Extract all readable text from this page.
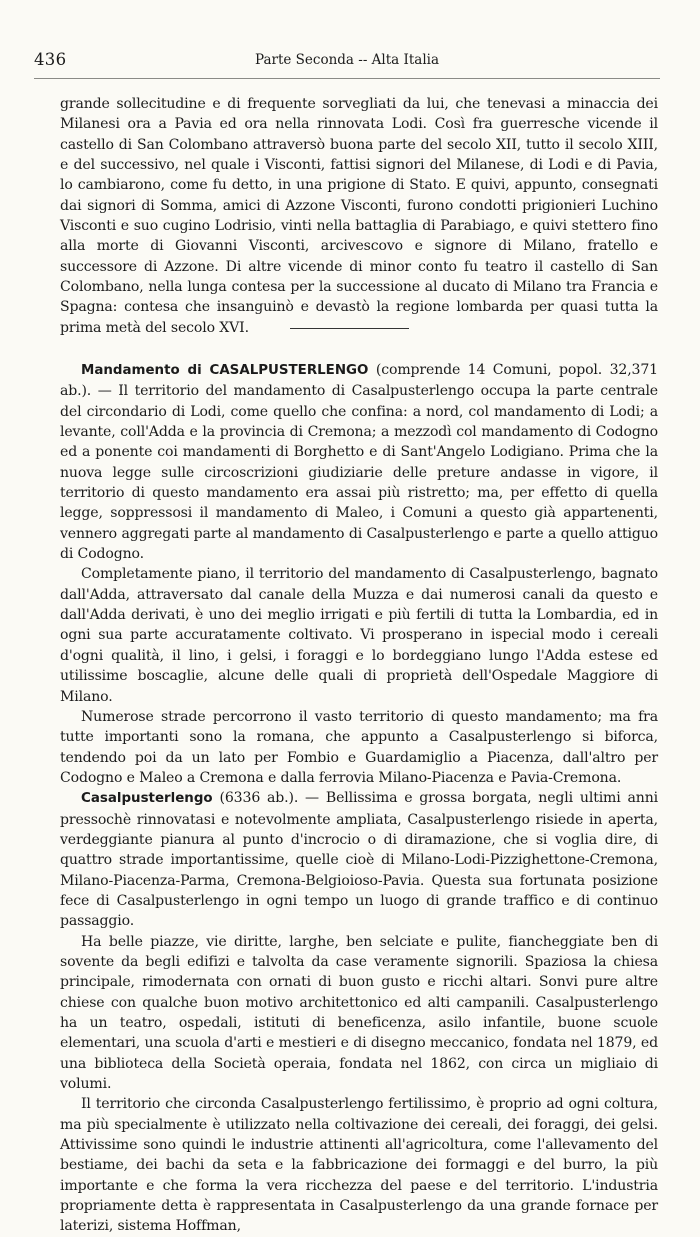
436	Parte Seconda -- Alta Italia

grande sollecitudine e di frequente sorvegliati da lui, che tenevasi a minaccia dei Milanesi ora a Pavia ed ora nella rinnovata Lodi. Così fra guerresche vicende il castello di San Colombano attraversò buona parte del secolo XII, tutto il secolo XIII, e del successivo, nel quale i Visconti, fattisi signori del Milanese, di Lodi e di Pavia, lo cambiarono, come fu detto, in una prigione di Stato. E quivi, appunto, consegnati dai signori di Somma, amici di Azzone Visconti, furono condotti prigionieri Luchino Visconti e suo cugino Lodrisio, vinti nella battaglia di Parabiago, e quivi stettero fino alla morte di Giovanni Visconti, arcivescovo e signore di Milano, fratello e successore di Azzone. Di altre vicende di minor conto fu teatro il castello di San Colombano, nella lunga contesa per la successione al ducato di Milano tra Francia e Spagna: contesa che insanguinò e devastò la regione lombarda per quasi tutta la prima metà del secolo XVI.

Mandamento di CASALPUSTERLENGO (comprende 14 Comuni, popol. 32,371 ab.). — Il territorio del mandamento di Casalpusterlengo occupa la parte centrale del circondario di Lodi, come quello che confina: a nord, col mandamento di Lodi; a levante, coll'Adda e la provincia di Cremona; a mezzodì col mandamento di Codogno ed a ponente coi mandamenti di Borghetto e di Sant'Angelo Lodigiano. Prima che la nuova legge sulle circoscrizioni giudiziarie delle preture andasse in vigore, il territorio di questo mandamento era assai più ristretto; ma, per effetto di quella legge, soppressosi il mandamento di Maleo, i Comuni a questo già appartenenti, vennero aggregati parte al mandamento di Casalpusterlengo e parte a quello attiguo di Codogno.

Completamente piano, il territorio del mandamento di Casalpusterlengo, bagnato dall'Adda, attraversato dal canale della Muzza e dai numerosi canali da questo e dall'Adda derivati, è uno dei meglio irrigati e più fertili di tutta la Lombardia, ed in ogni sua parte accuratamente coltivato. Vi prosperano in ispecial modo i cereali d'ogni qualità, il lino, i gelsi, i foraggi e lo bordeggiano lungo l'Adda estese ed utilissime boscaglie, alcune delle quali di proprietà dell'Ospedale Maggiore di Milano.

Numerose strade percorrono il vasto territorio di questo mandamento; ma fra tutte importanti sono la romana, che appunto a Casalpusterlengo si biforca, tendendo poi da un lato per Fombio e Guardamiglio a Piacenza, dall'altro per Codogno e Maleo a Cremona e dalla ferrovia Milano-Piacenza e Pavia-Cremona.

Casalpusterlengo (6336 ab.). — Bellissima e grossa borgata, negli ultimi anni pressochè rinnovatasi e notevolmente ampliata, Casalpusterlengo risiede in aperta, verdeggiante pianura al punto d'incrocio o di diramazione, che si voglia dire, di quattro strade importantissime, quelle cioè di Milano-Lodi-Pizzighettone-Cremona, Milano-Piacenza-Parma, Cremona-Belgioioso-Pavia. Questa sua fortunata posizione fece di Casalpusterlengo in ogni tempo un luogo di grande traffico e di continuo passaggio.

Ha belle piazze, vie diritte, larghe, ben selciate e pulite, fiancheggiate ben di sovente da begli edifizi e talvolta da case veramente signorili. Spaziosa la chiesa principale, rimodernata con ornati di buon gusto e ricchi altari. Sonvi pure altre chiese con qualche buon motivo architettonico ed alti campanili. Casalpusterlengo ha un teatro, ospedali, istituti di beneficenza, asilo infantile, buone scuole elementari, una scuola d'arti e mestieri e di disegno meccanico, fondata nel 1879, ed una biblioteca della Società operaia, fondata nel 1862, con circa un migliaio di volumi.

Il territorio che circonda Casalpusterlengo fertilissimo, è proprio ad ogni coltura, ma più specialmente è utilizzato nella coltivazione dei cereali, dei foraggi, dei gelsi. Attivissime sono quindi le industrie attinenti all'agricoltura, come l'allevamento del bestiame, dei bachi da seta e la fabbricazione dei formaggi e del burro, la più importante e che forma la vera ricchezza del paese e del territorio. L'industria propriamente detta è rappresentata in Casalpusterlengo da una grande fornace per laterizi, sistema Hoffman,
